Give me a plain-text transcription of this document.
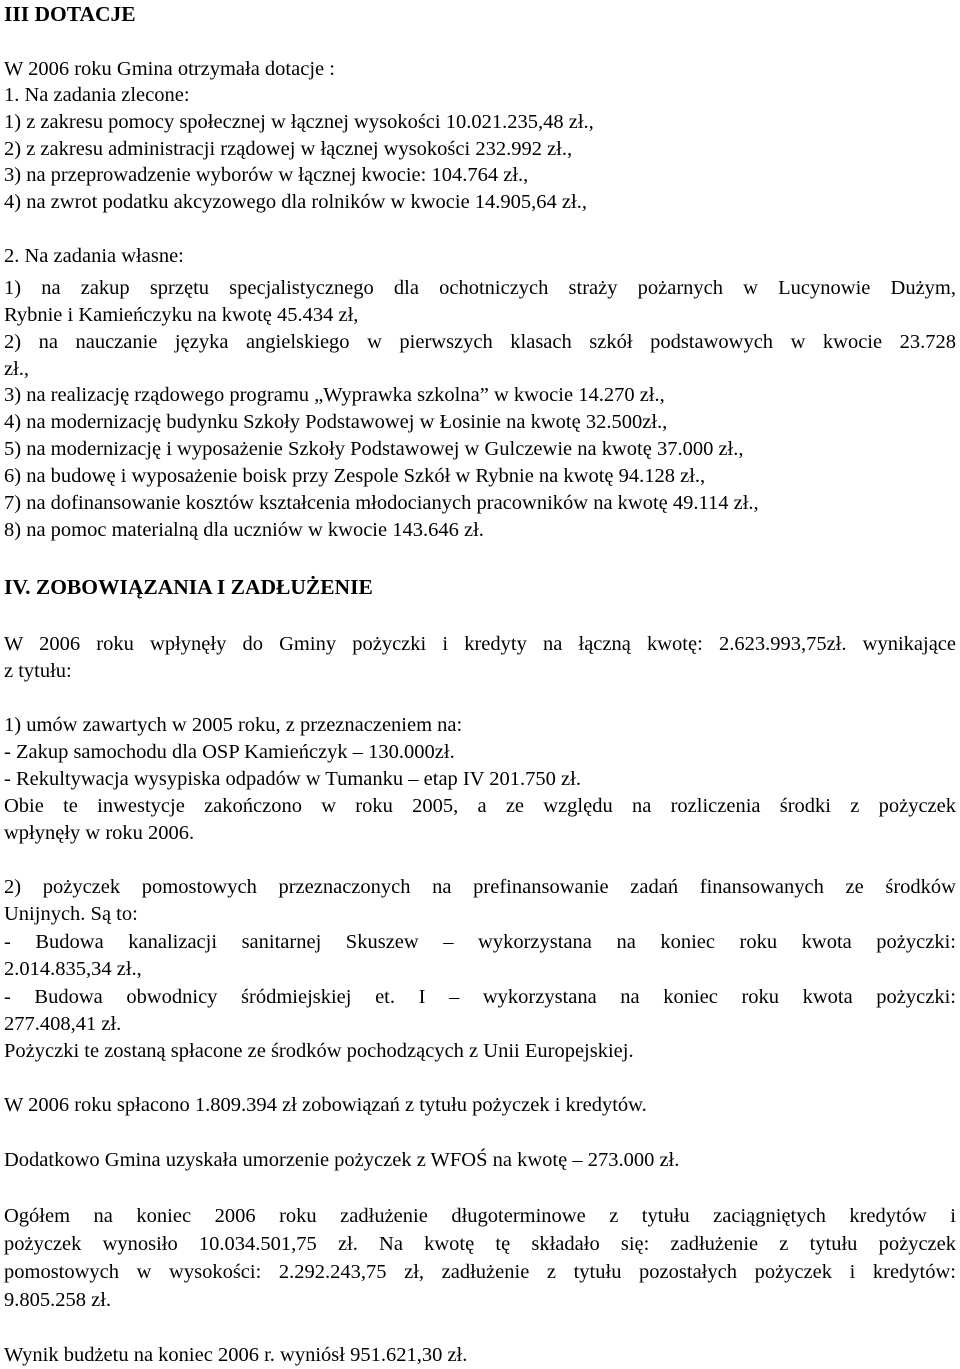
III DOTACJE
W 2006 roku Gmina otrzymała dotacje :
1. Na zadania zlecone:
1) z zakresu pomocy społecznej w łącznej wysokości 10.021.235,48 zł.,
2) z zakresu administracji rządowej w łącznej wysokości 232.992 zł.,
3) na przeprowadzenie wyborów w łącznej kwocie: 104.764 zł.,
4) na zwrot podatku akcyzowego dla rolników w kwocie 14.905,64 zł.,
2. Na zadania własne:
1) na zakup sprzętu specjalistycznego dla ochotniczych straży pożarnych w Lucynowie Dużym,
Rybnie i Kamieńczyku na kwotę 45.434 zł,
2) na nauczanie języka angielskiego w pierwszych klasach szkół podstawowych w kwocie 23.728
zł.,
3) na realizację rządowego programu „Wyprawka szkolna” w kwocie 14.270 zł.,
4) na modernizację budynku Szkoły Podstawowej w Łosinie na kwotę 32.500zł.,
5) na modernizację i wyposażenie Szkoły Podstawowej w Gulczewie na kwotę 37.000 zł.,
6) na budowę i wyposażenie boisk przy Zespole Szkół w Rybnie na kwotę 94.128 zł.,
7) na dofinansowanie kosztów kształcenia młodocianych pracowników na kwotę 49.114 zł.,
8) na pomoc materialną dla uczniów w kwocie 143.646 zł.
IV. ZOBOWIĄZANIA I ZADŁUŻENIE
W 2006 roku wpłynęły do Gminy pożyczki i kredyty na łączną kwotę: 2.623.993,75zł. wynikające
z tytułu:
1) umów zawartych w 2005 roku, z przeznaczeniem na:
- Zakup samochodu dla OSP Kamieńczyk – 130.000zł.
- Rekultywacja wysypiska odpadów w Tumanku – etap IV 201.750 zł.
Obie te inwestycje zakończono w roku 2005, a ze względu na rozliczenia środki z pożyczek
wpłynęły w roku 2006.
2) pożyczek pomostowych przeznaczonych na prefinansowanie zadań finansowanych ze środków
Unijnych. Są to:
- Budowa kanalizacji sanitarnej Skuszew – wykorzystana na koniec roku kwota pożyczki:
2.014.835,34 zł.,
- Budowa obwodnicy śródmiejskiej et. I – wykorzystana na koniec roku kwota pożyczki:
277.408,41 zł.
Pożyczki te zostaną spłacone ze środków pochodzących z Unii Europejskiej.
W 2006 roku spłacono 1.809.394 zł zobowiązań z tytułu pożyczek i kredytów.
Dodatkowo Gmina uzyskała umorzenie pożyczek z WFOŚ na kwotę – 273.000 zł.
Ogółem na koniec 2006 roku zadłużenie długoterminowe z tytułu zaciągniętych kredytów i
pożyczek wynosiło 10.034.501,75 zł. Na kwotę tę składało się: zadłużenie z tytułu pożyczek
pomostowych w wysokości: 2.292.243,75 zł, zadłużenie z tytułu pozostałych pożyczek i kredytów:
9.805.258 zł.
Wynik budżetu na koniec 2006 r. wyniósł 951.621,30 zł.
